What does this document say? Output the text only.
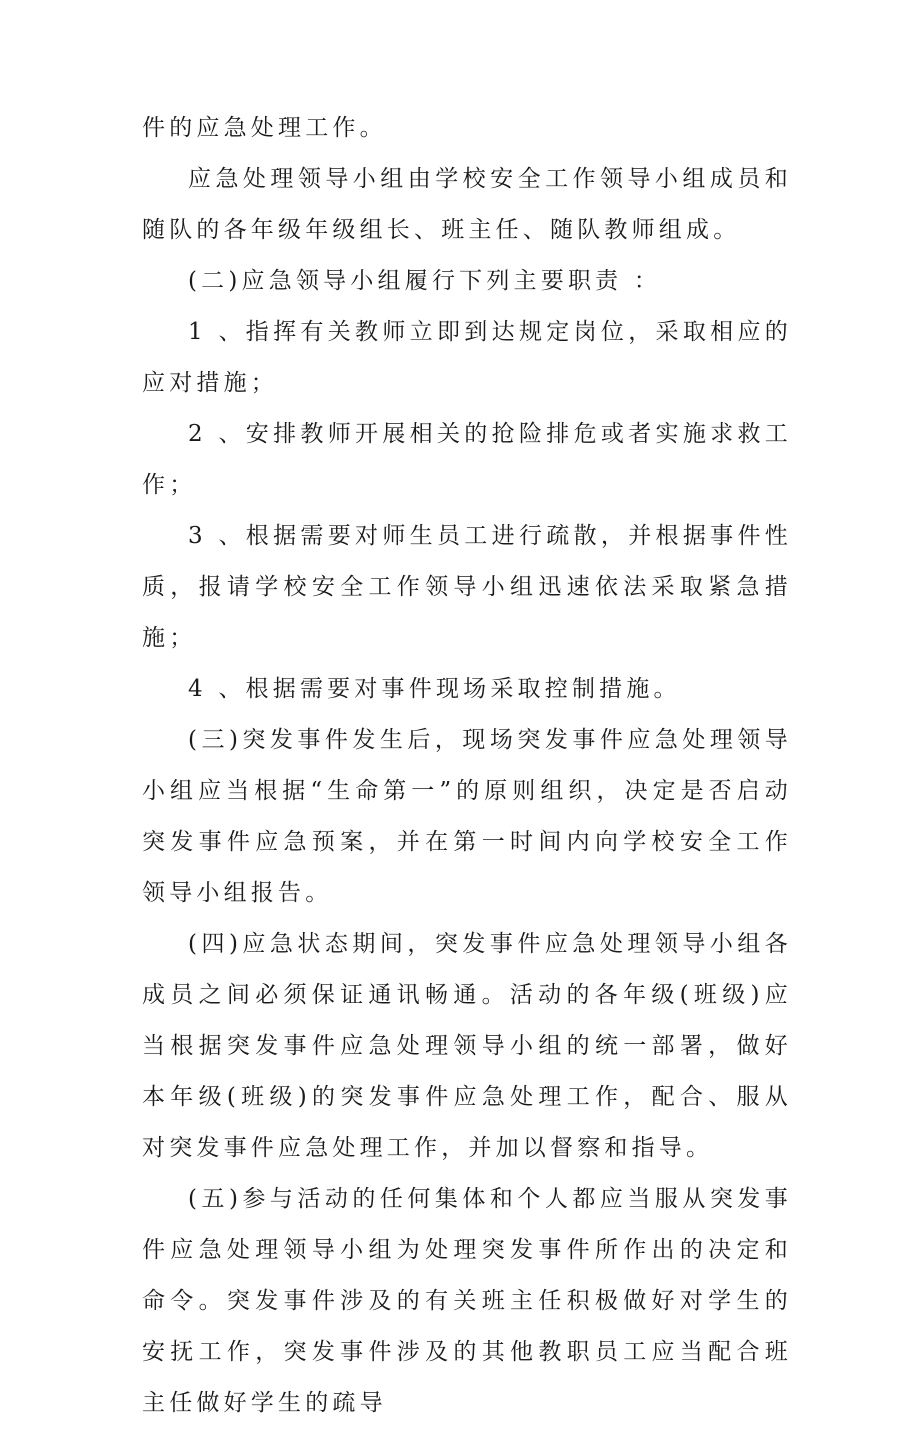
件的应急处理工作。

应急处理领导小组由学校安全工作领导小组成员和随队的各年级年级组长、班主任、随队教师组成。

(二)应急领导小组履行下列主要职责 ：

1 、指挥有关教师立即到达规定岗位，采取相应的应对措施；

2 、安排教师开展相关的抢险排危或者实施求救工作；

3 、根据需要对师生员工进行疏散，并根据事件性质，报请学校安全工作领导小组迅速依法采取紧急措施；

4 、根据需要对事件现场采取控制措施。

(三)突发事件发生后，现场突发事件应急处理领导小组应当根据“生命第一”的原则组织，决定是否启动突发事件应急预案，并在第一时间内向学校安全工作领导小组报告。

(四)应急状态期间，突发事件应急处理领导小组各成员之间必须保证通讯畅通。活动的各年级(班级)应当根据突发事件应急处理领导小组的统一部署，做好本年级(班级)的突发事件应急处理工作，配合、服从对突发事件应急处理工作，并加以督察和指导。

(五)参与活动的任何集体和个人都应当服从突发事件应急处理领导小组为处理突发事件所作出的决定和命令。突发事件涉及的有关班主任积极做好对学生的安抚工作，突发事件涉及的其他教职员工应当配合班主任做好学生的疏导
